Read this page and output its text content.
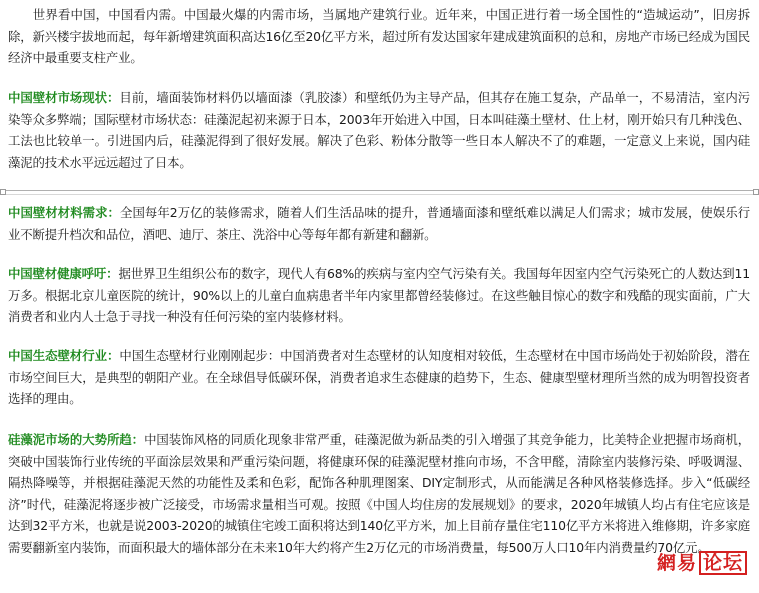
世界看中国，中国看内需。中国最火爆的内需市场，当属地产建筑行业。近年来，中国正进行着一场全国性的“造城运动”，旧房拆除，新兴楼宇拔地而起，每年新增建筑面积高达16亿至20亿平方米，超过所有发达国家年建成建筑面积的总和，房地产市场已经成为国民经济中最重要支柱产业。

中国壁材市场现状：目前，墙面装饰材料仍以墙面漆（乳胶漆）和壁纸仍为主导产品，但其存在施工复杂，产品单一，不易清洁，室内污染等众多弊端；国际壁材市场状态：硅藻泥起初来源于日本，2003年开始进入中国，日本叫硅藻土壁材、仕上材，刚开始只有几种浅色、工法也比较单一。引进国内后，硅藻泥得到了很好发展。解决了色彩、粉体分散等一些日本人解决不了的难题，一定意义上来说，国内硅藻泥的技术水平远远超过了日本。

中国壁材材料需求：全国每年2万亿的装修需求，随着人们生活品味的提升，普通墙面漆和壁纸难以满足人们需求；城市发展，使娱乐行业不断提升档次和品位，酒吧、迪厅、茶庄、洗浴中心等每年都有新建和翻新。

中国壁材健康呼吁：据世界卫生组织公布的数字，现代人有68%的疾病与室内空气污染有关。我国每年因室内空气污染死亡的人数达到11万多。根据北京儿童医院的统计，90%以上的儿童白血病患者半年内家里都曾经装修过。在这些触目惊心的数字和残酷的现实面前，广大消费者和业内人士急于寻找一种没有任何污染的室内装修材料。

中国生态壁材行业：中国生态壁材行业刚刚起步：中国消费者对生态壁材的认知度相对较低，生态壁材在中国市场尚处于初始阶段，潜在市场空间巨大，是典型的朝阳产业。在全球倡导低碳环保，消费者追求生态健康的趋势下，生态、健康型壁材理所当然的成为明智投资者选择的理由。

硅藻泥市场的大势所趋：中国装饰风格的同质化现象非常严重，硅藻泥做为新品类的引入增强了其竞争能力，比美特企业把握市场商机，突破中国装饰行业传统的平面涂层效果和严重污染问题，将健康环保的硅藻泥壁材推向市场，不含甲醛，清除室内装修污染、呼吸调湿、隔热降噪等，并根据硅藻泥天然的功能性及柔和色彩，配饰各种肌理图案、DIY定制形式，从而能满足各种风格装修选择。步入“低碳经济”时代，硅藻泥将逐步被广泛接受，市场需求量相当可观。按照《中国人均住房的发展规划》的要求，2020年城镇人均占有住宅应该是达到32平方米，也就是说2003-2020的城镇住宅竣工面积将达到140亿平方米，加上目前存量住宅110亿平方米将进入维修期，许多家庭需要翻新室内装饰，而面积最大的墙体部分在未来10年大约将产生2万亿元的市场消费量，每500万人口10年内消费量约70亿元。

網易 论坛
